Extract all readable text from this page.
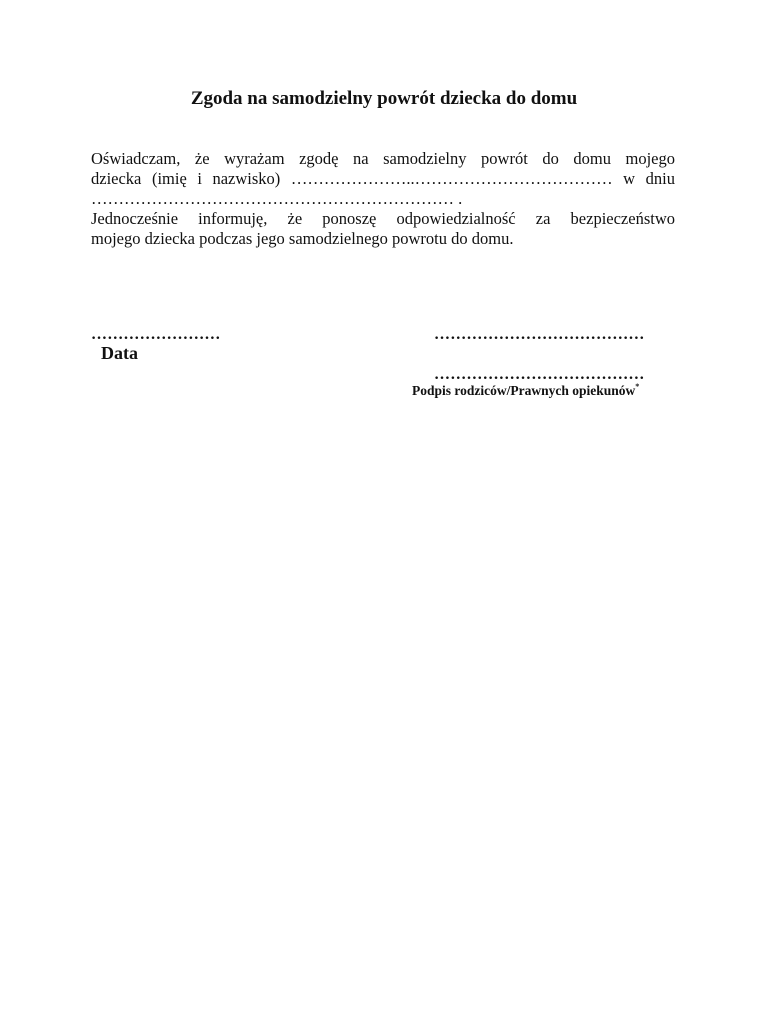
Zgoda na samodzielny powrót dziecka do domu
Oświadczam, że wyrażam zgodę na samodzielny powrót do domu mojego
dziecka (imię i nazwisko) …………………..……………………………… w dniu
………………………………………………………… .
Jednocześnie informuję, że ponoszę odpowiedzialność za bezpieczeństwo
mojego dziecka podczas jego samodzielnego powrotu do domu.
……………………
Data
…………………………………
…………………………………
Podpis rodziców/Prawnych opiekunów*
